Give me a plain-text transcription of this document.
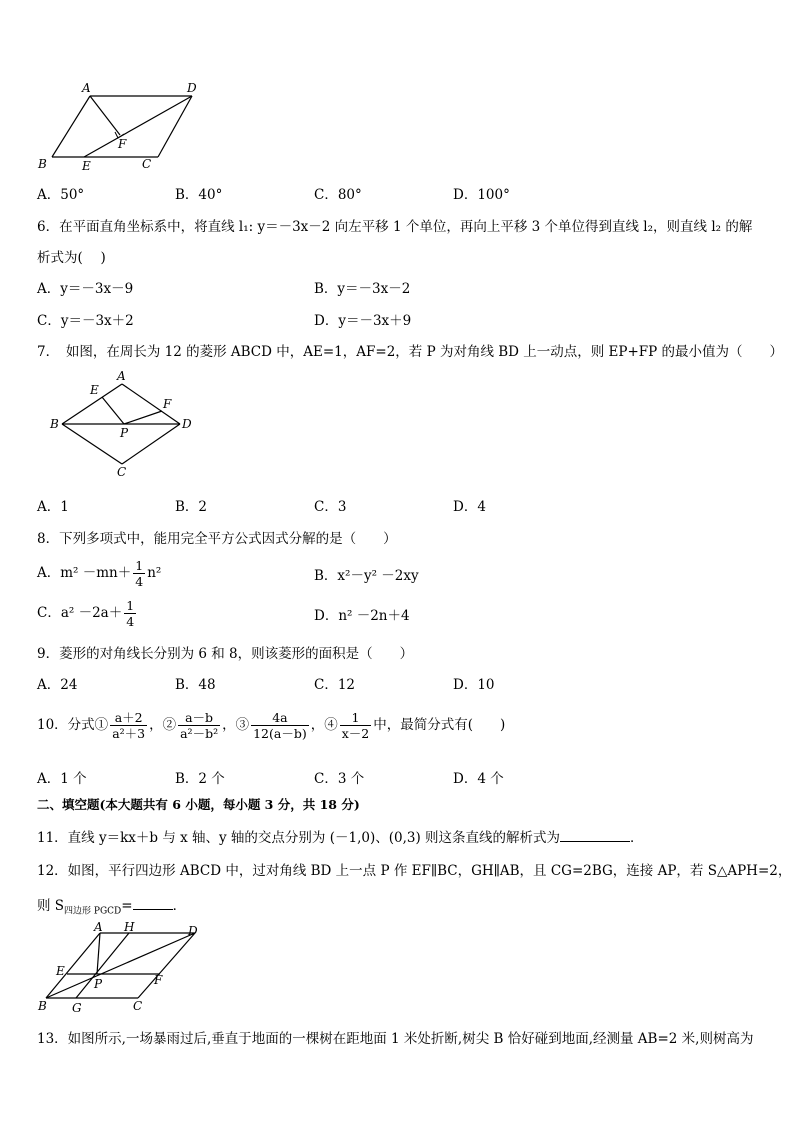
A	D
B	E	C
F
A．50°	B．40°	C．80°	D．100°
6．在平面直角坐标系中，将直线 l₁: y＝－3x－2 向左平移 1 个单位，再向上平移 3 个单位得到直线 l₂，则直线 l₂ 的解
析式为(　 )
A．y＝－3x－9	B．y＝－3x－2
C．y＝－3x＋2	D．y＝－3x＋9
7．　如图，在周长为 12 的菱形 ABCD 中，AE=1，AF=2，若 P 为对角线 BD 上一动点，则 EP+FP 的最小值为（　　）
A
E
F
B
P
D
C
A．1	B．2	C．3	D．4
8．下列多项式中，能用完全平方公式因式分解的是（　　）
A．$m^2 -mn+ \frac{1}{4} n^2$	B．x²－y² －2xy
C．$a^2 -2a+ \frac{1}{4}$	D．n² －2n＋4
9．菱形的对角线长分别为 6 和 8，则该菱形的面积是（　　）
A．24	B．48	C．12	D．10
10．分式① $\frac{a+2}{\text{a²＋3}}$ ，② $\frac{a-b}{\text{a²－b²}}$ ，③ $\frac{4a}{12(a-b)}$ ，④ $\frac{1}{x-2}$ 中，最简分式有(　　)
A．1 个	B．2 个	C．3 个	D．4 个
二、填空题(本大题共有 6 小题，每小题 3 分，共 18 分)
11．直线 y＝kx＋b 与 x 轴、y 轴的交点分别为 (－1,0)、(0,3) 则这条直线的解析式为	．
12．如图，平行四边形 ABCD 中，过对角线 BD 上一点 P 作 EF∥BC，GH∥AB，且 CG=2BG，连接 AP，若 S△APH=2，
则 $S_{四边形 PGCD}=$	．
A H	D
E
F
P
B G	C
13．如图所示,一场暴雨过后,垂直于地面的一棵树在距地面 1 米处折断,树尖 B 恰好碰到地面,经测量 AB=2 米,则树高为
